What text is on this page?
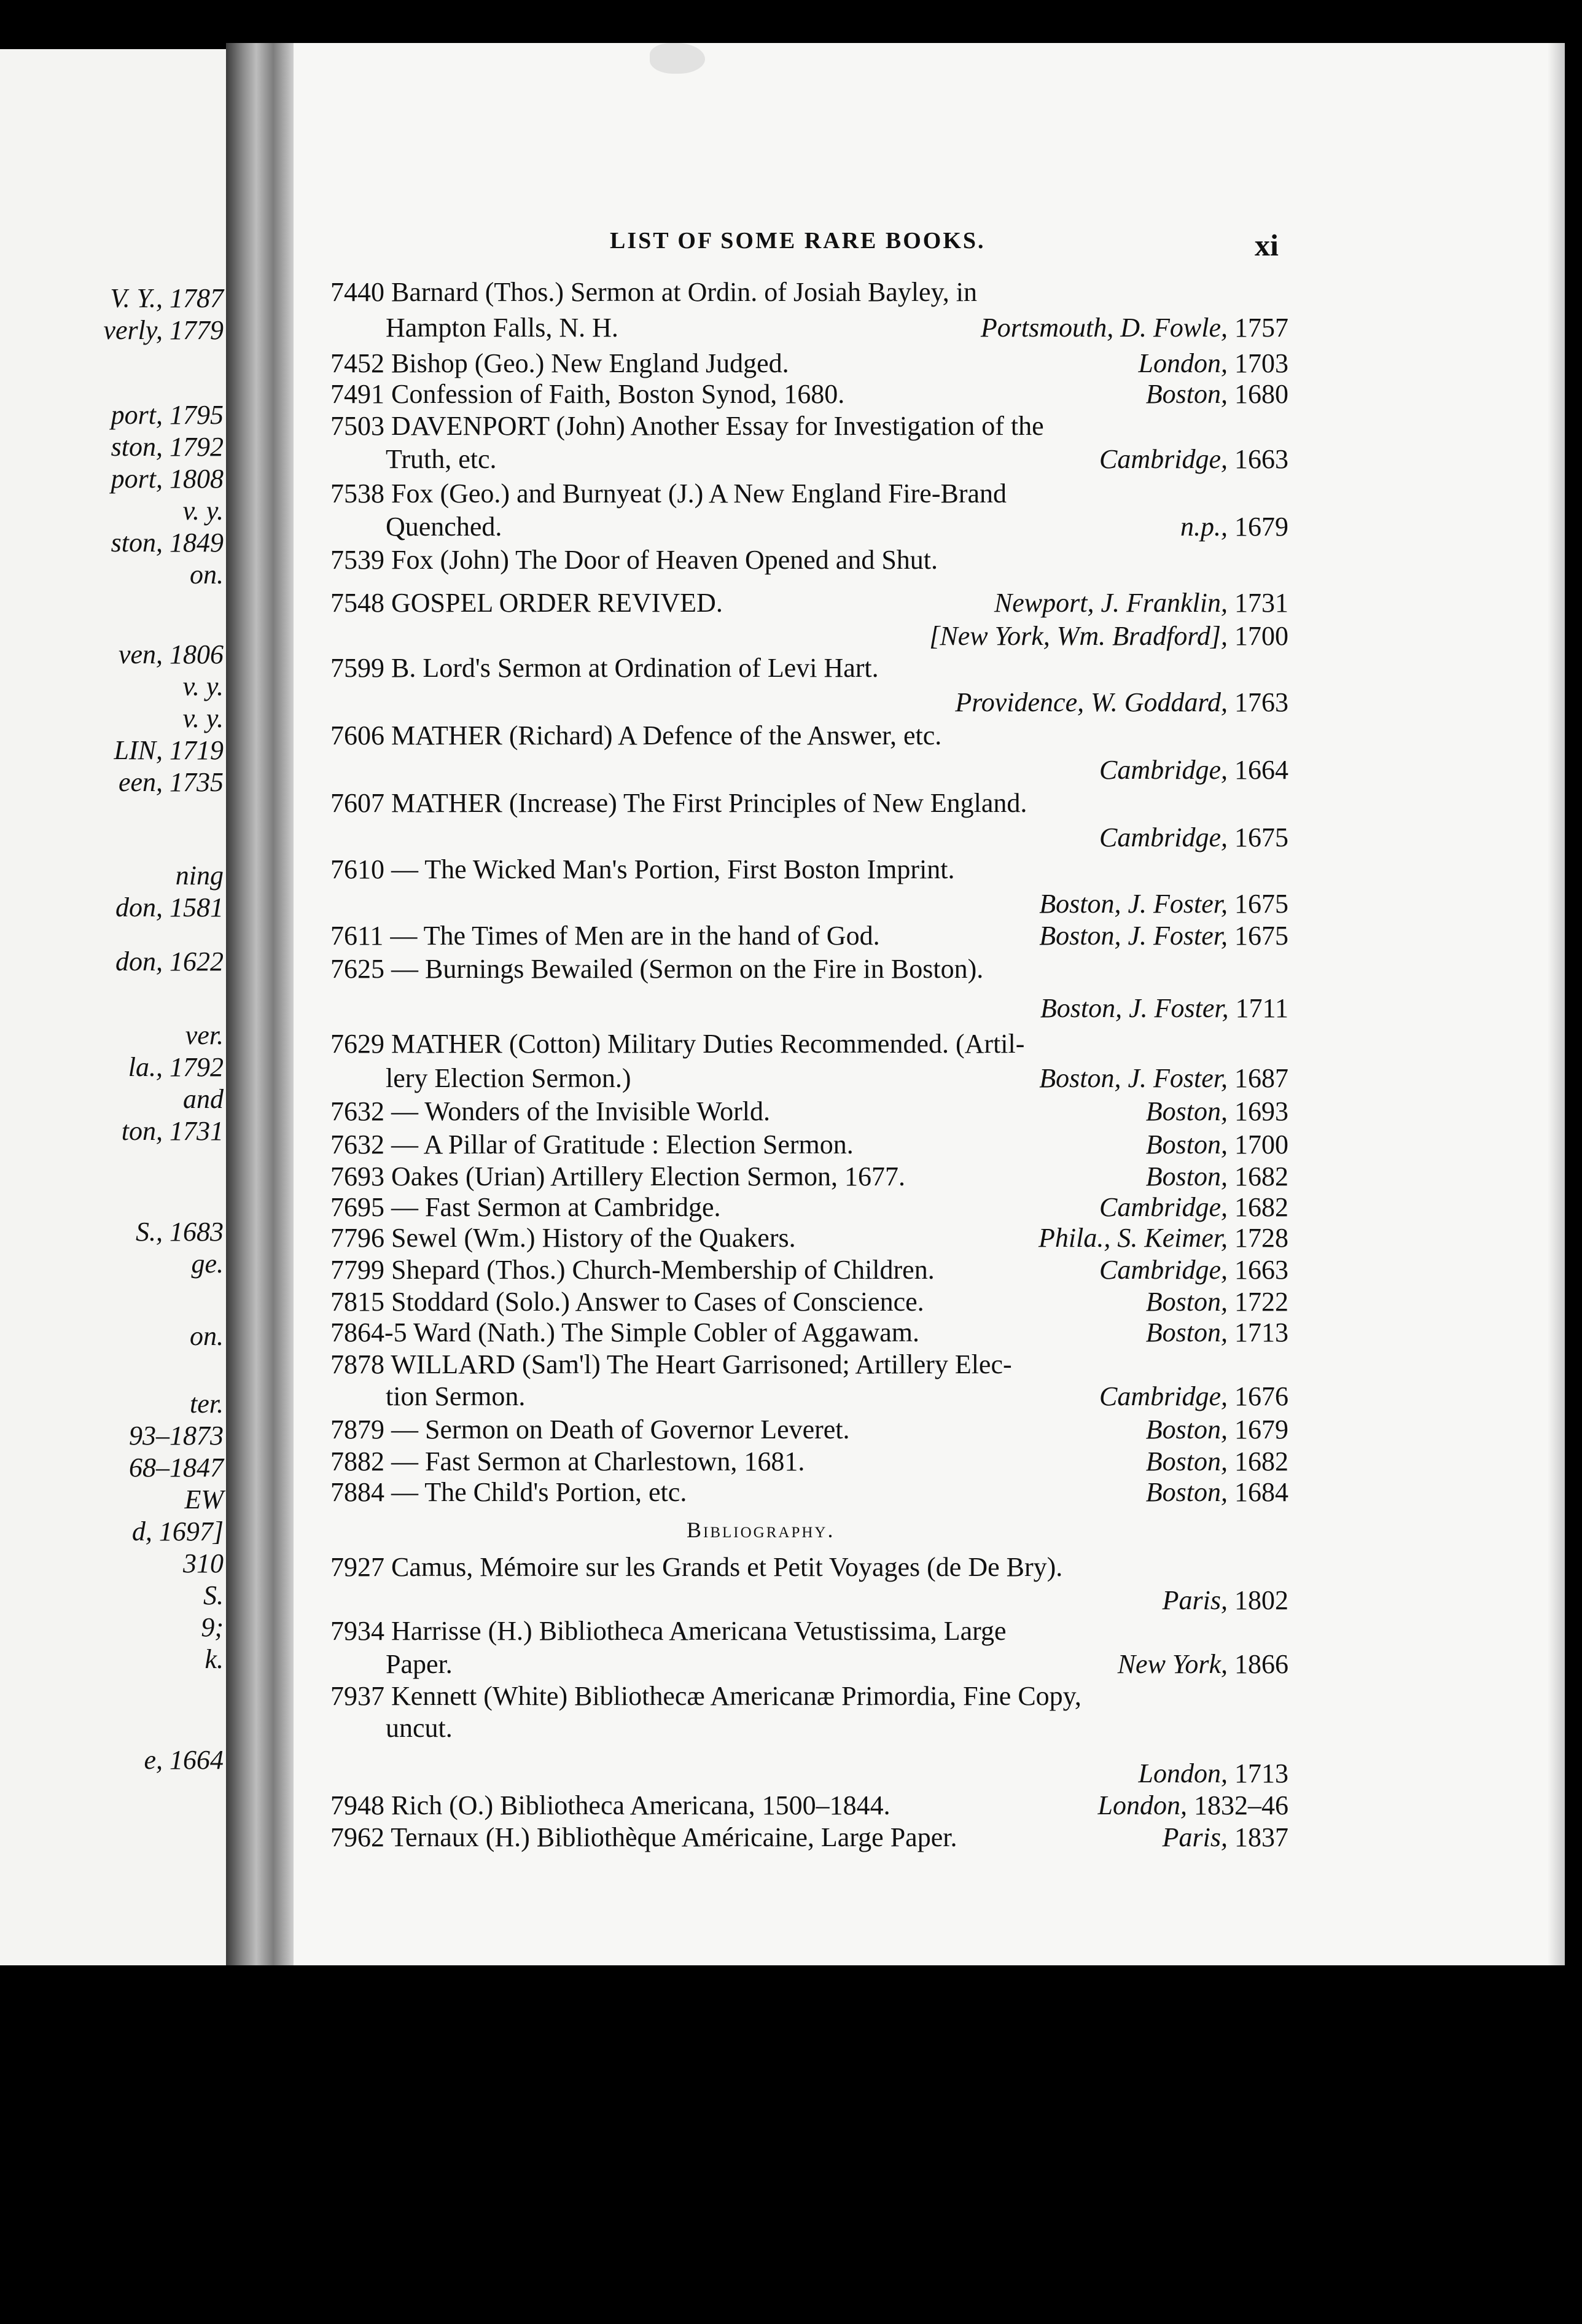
V. Y., 1787
verly, 1779
port, 1795
ston, 1792
port, 1808
v. y.
ston, 1849
on.
ven, 1806
v. y.
v. y.
LIN, 1719
een, 1735
ning
don, 1581
don, 1622
ver.
la., 1792
and
ton, 1731
S., 1683
ge.
on.
ter.
93–1873
68–1847
EW
d, 1697]
310
S.
9;
k.
e, 1664
LIST OF SOME RARE BOOKS.	xi
7440 Barnard (Thos.) Sermon at Ordin. of Josiah Bayley, in
Hampton Falls, N. H.	Portsmouth, D. Fowle, 1757
7452 Bishop (Geo.) New England Judged.	London, 1703
7491 Confession of Faith, Boston Synod, 1680.	Boston, 1680
7503 DAVENPORT (John) Another Essay for Investigation of the
Truth, etc.	Cambridge, 1663
7538 Fox (Geo.) and Burnyeat (J.) A New England Fire-Brand
Quenched.	n.p., 1679
7539 Fox (John) The Door of Heaven Opened and Shut.
7548 GOSPEL ORDER REVIVED.	Newport, J. Franklin, 1731
[New York, Wm. Bradford], 1700
7599 B. Lord's Sermon at Ordination of Levi Hart.
Providence, W. Goddard, 1763
7606 MATHER (Richard) A Defence of the Answer, etc.
Cambridge, 1664
7607 MATHER (Increase) The First Principles of New England.
Cambridge, 1675
7610 — The Wicked Man's Portion, First Boston Imprint.
Boston, J. Foster, 1675
7611 — The Times of Men are in the hand of God.	Boston, J. Foster, 1675
7625 — Burnings Bewailed (Sermon on the Fire in Boston).
Boston, J. Foster, 1711
7629 MATHER (Cotton) Military Duties Recommended. (Artil-
lery Election Sermon.)	Boston, J. Foster, 1687
7632 — Wonders of the Invisible World.	Boston, 1693
7632 — A Pillar of Gratitude : Election Sermon.	Boston, 1700
7693 Oakes (Urian) Artillery Election Sermon, 1677.	Boston, 1682
7695 — Fast Sermon at Cambridge.	Cambridge, 1682
7796 Sewel (Wm.) History of the Quakers.	Phila., S. Keimer, 1728
7799 Shepard (Thos.) Church-Membership of Children.	Cambridge, 1663
7815 Stoddard (Solo.) Answer to Cases of Conscience.	Boston, 1722
7864-5 Ward (Nath.) The Simple Cobler of Aggawam.	Boston, 1713
7878 WILLARD (Sam'l) The Heart Garrisoned; Artillery Elec-
tion Sermon.	Cambridge, 1676
7879 — Sermon on Death of Governor Leveret.	Boston, 1679
7882 — Fast Sermon at Charlestown, 1681.	Boston, 1682
7884 — The Child's Portion, etc.	Boston, 1684
Bibliography.
7927 Camus, Mémoire sur les Grands et Petit Voyages (de De Bry).
Paris, 1802
7934 Harrisse (H.) Bibliotheca Americana Vetustissima, Large
Paper.	New York, 1866
7937 Kennett (White) Bibliothecæ Americanæ Primordia, Fine Copy,
uncut.
London, 1713
7948 Rich (O.) Bibliotheca Americana, 1500–1844.	London, 1832–46
7962 Ternaux (H.) Bibliothèque Américaine, Large Paper.	Paris, 1837
